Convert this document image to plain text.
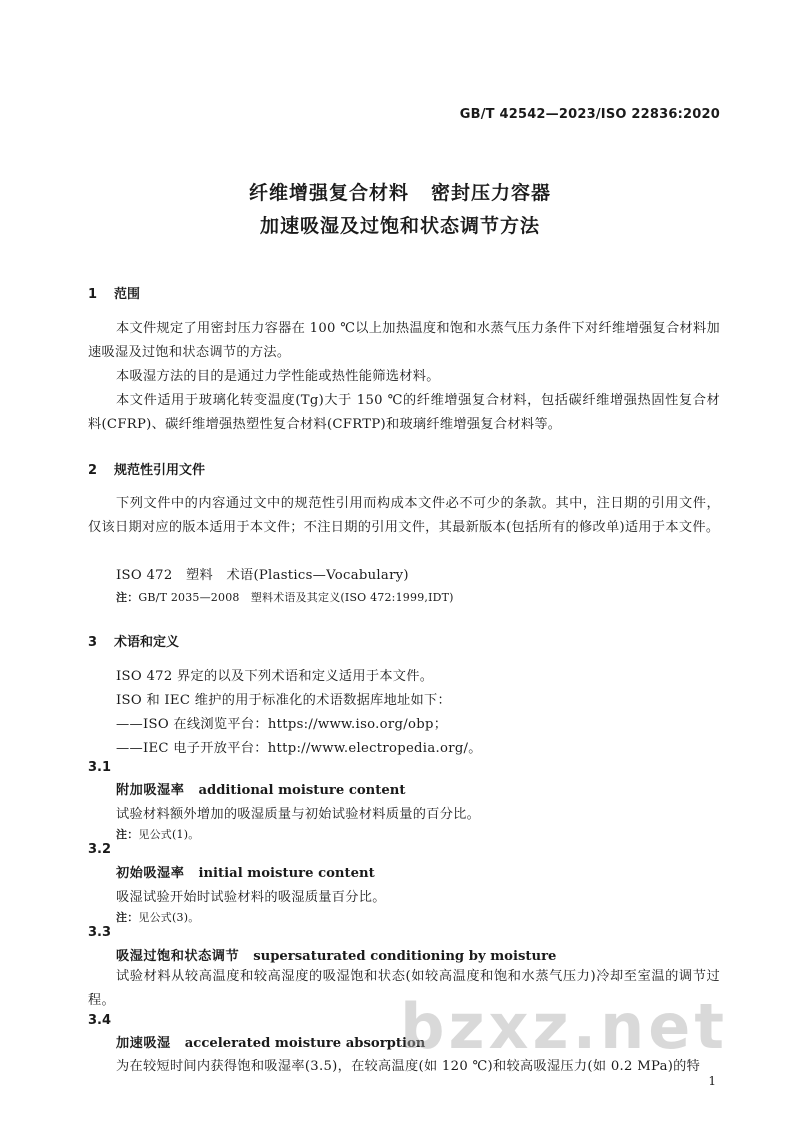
GB/T 42542—2023/ISO 22836:2020
纤维增强复合材料 密封压力容器
加速吸湿及过饱和状态调节方法
1 范围
本文件规定了用密封压力容器在 100 ℃以上加热温度和饱和水蒸气压力条件下对纤维增强复合材料加速吸湿及过饱和状态调节的方法。
本吸湿方法的目的是通过力学性能或热性能筛选材料。
本文件适用于玻璃化转变温度(Tg)大于 150 ℃的纤维增强复合材料，包括碳纤维增强热固性复合材料(CFRP)、碳纤维增强热塑性复合材料(CFRTP)和玻璃纤维增强复合材料等。
2 规范性引用文件
下列文件中的内容通过文中的规范性引用而构成本文件必不可少的条款。其中，注日期的引用文件，仅该日期对应的版本适用于本文件；不注日期的引用文件，其最新版本(包括所有的修改单)适用于本文件。
ISO 472　塑料　术语(Plastics—Vocabulary)
注：GB/T 2035—2008　塑料术语及其定义(ISO 472:1999,IDT)
3 术语和定义
ISO 472 界定的以及下列术语和定义适用于本文件。
ISO 和 IEC 维护的用于标准化的术语数据库地址如下：
——ISO 在线浏览平台：https://www.iso.org/obp；
——IEC 电子开放平台：http://www.electropedia.org/。
3.1
附加吸湿率 additional moisture content
试验材料额外增加的吸湿质量与初始试验材料质量的百分比。
注：见公式(1)。
3.2
初始吸湿率 initial moisture content
吸湿试验开始时试验材料的吸湿质量百分比。
注：见公式(3)。
3.3
吸湿过饱和状态调节 supersaturated conditioning by moisture
试验材料从较高温度和较高湿度的吸湿饱和状态(如较高温度和饱和水蒸气压力)冷却至室温的调节过程。
3.4
加速吸湿 accelerated moisture absorption
为在较短时间内获得饱和吸湿率(3.5)，在较高温度(如 120 ℃)和较高吸湿压力(如 0.2 MPa)的特
bzxz.net
1
